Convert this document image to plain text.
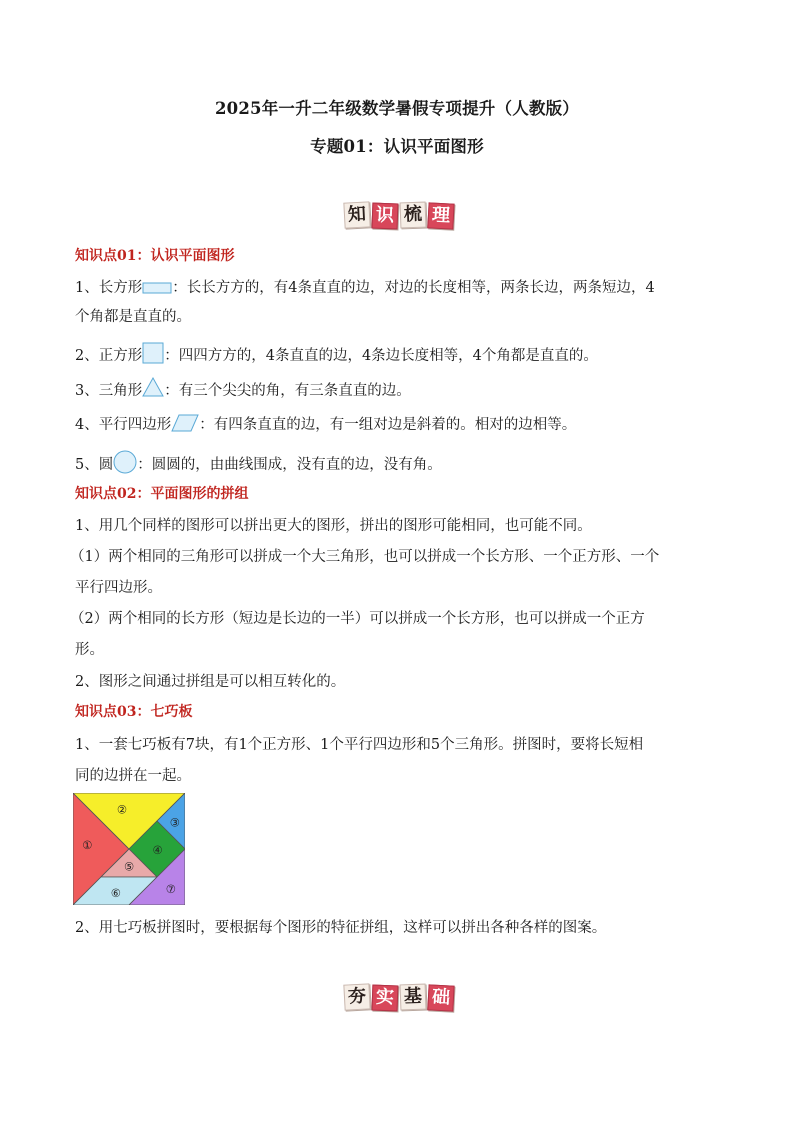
2025年一升二年级数学暑假专项提升（人教版）
专题01：认识平面图形
知 识 梳 理
知识点01：认识平面图形
1、长方形 ：长长方方的，有4条直直的边，对边的长度相等，两条长边，两条短边，4
个角都是直直的。
2、正方形 ：四四方方的，4条直直的边，4条边长度相等，4个角都是直直的。
3、三角形 ：有三个尖尖的角，有三条直直的边。
4、平行四边形 ：有四条直直的边，有一组对边是斜着的。相对的边相等。
5、圆 ：圆圆的，由曲线围成，没有直的边，没有角。
知识点02：平面图形的拼组
1、用几个同样的图形可以拼出更大的图形，拼出的图形可能相同，也可能不同。
（1）两个相同的三角形可以拼成一个大三角形，也可以拼成一个长方形、一个正方形、一个
平行四边形。
（2）两个相同的长方形（短边是长边的一半）可以拼成一个长方形，也可以拼成一个正方
形。
2、图形之间通过拼组是可以相互转化的。
知识点03：七巧板
1、一套七巧板有7块，有1个正方形、1个平行四边形和5个三角形。拼图时，要将长短相
同的边拼在一起。
①
②
③
④
⑤
⑥	⑦
2、用七巧板拼图时，要根据每个图形的特征拼组，这样可以拼出各种各样的图案。
夯 实 基 础
